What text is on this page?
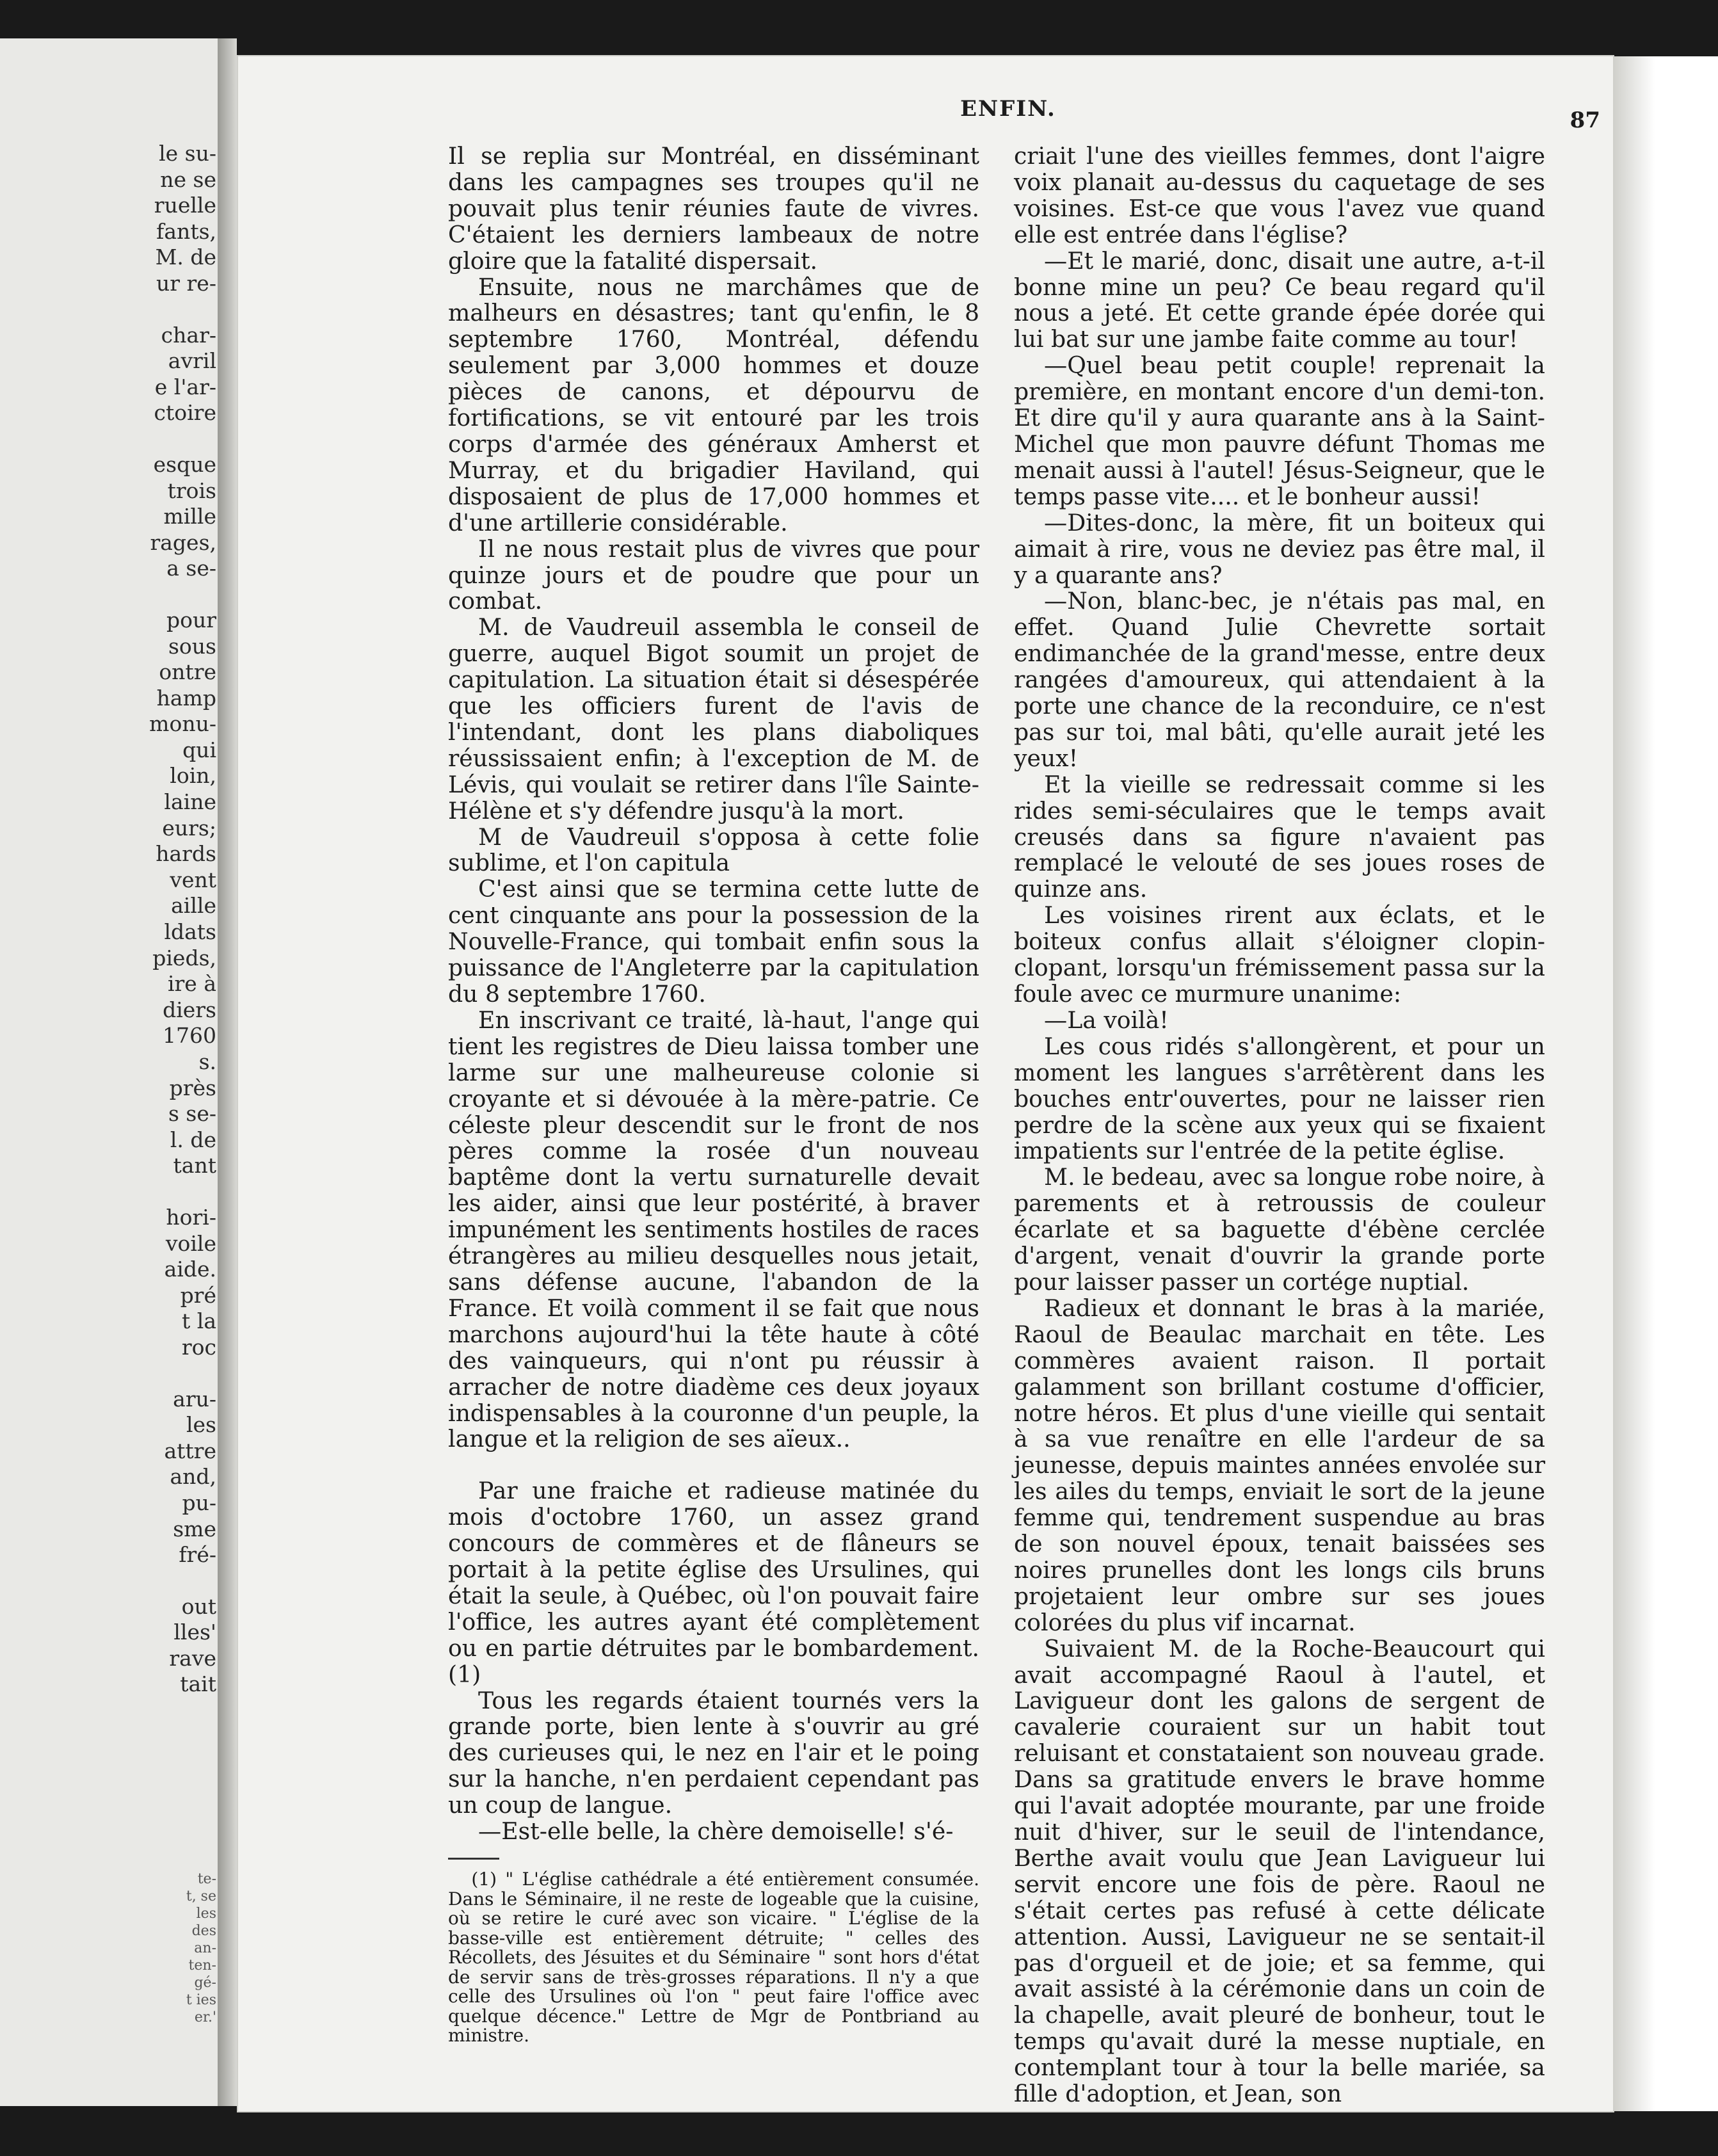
le su-
ne se
ruelle
fants,
M. de
ur re-
char-
avril
e l'ar-
ctoire
esque
trois
mille
rages,
a se-
pour
sous
ontre
hamp
monu-
qui
loin,
laine
eurs;
hards
vent
aille
ldats
pieds,
ire à
diers
1760
s.
près
s se-
l. de
tant
hori-
voile
aide.
pré
t la
roc
aru-
les
attre
and,
pu-
sme
fré-
out
lles'
rave
tait
te-
t, se
les
des
an-
ten-
gé-
t ies
er.'
ENFIN.	87

Il se replia sur Montréal, en disséminant dans les campagnes ses troupes qu'il ne pouvait plus tenir réunies faute de vivres. C'étaient les derniers lambeaux de notre gloire que la fatalité dispersait.

Ensuite, nous ne marchâmes que de malheurs en désastres; tant qu'enfin, le 8 septembre 1760, Montréal, défendu seulement par 3,000 hommes et douze pièces de canons, et dépourvu de fortifications, se vit entouré par les trois corps d'armée des généraux Amherst et Murray, et du brigadier Haviland, qui disposaient de plus de 17,000 hommes et d'une artillerie considérable.

Il ne nous restait plus de vivres que pour quinze jours et de poudre que pour un combat.

M. de Vaudreuil assembla le conseil de guerre, auquel Bigot soumit un projet de capitulation. La situation était si désespérée que les officiers furent de l'avis de l'intendant, dont les plans diaboliques réussissaient enfin; à l'exception de M. de Lévis, qui voulait se retirer dans l'île Sainte-Hélène et s'y défendre jusqu'à la mort.

M de Vaudreuil s'opposa à cette folie sublime, et l'on capitula

C'est ainsi que se termina cette lutte de cent cinquante ans pour la possession de la Nouvelle-France, qui tombait enfin sous la puissance de l'Angleterre par la capitulation du 8 septembre 1760.

En inscrivant ce traité, là-haut, l'ange qui tient les registres de Dieu laissa tomber une larme sur une malheureuse colonie si croyante et si dévouée à la mère-patrie. Ce céleste pleur descendit sur le front de nos pères comme la rosée d'un nouveau baptême dont la vertu surnaturelle devait les aider, ainsi que leur postérité, à braver impunément les sentiments hostiles de races étrangères au milieu desquelles nous jetait, sans défense aucune, l'abandon de la France. Et voilà comment il se fait que nous marchons aujourd'hui la tête haute à côté des vainqueurs, qui n'ont pu réussir à arracher de notre diadème ces deux joyaux indispensables à la couronne d'un peuple, la langue et la religion de ses aïeux..

Par une fraiche et radieuse matinée du mois d'octobre 1760, un assez grand concours de commères et de flâneurs se portait à la petite église des Ursulines, qui était la seule, à Québec, où l'on pouvait faire l'office, les autres ayant été complètement ou en partie détruites par le bombardement. (1)

Tous les regards étaient tournés vers la grande porte, bien lente à s'ouvrir au gré des curieuses qui, le nez en l'air et le poing sur la hanche, n'en perdaient cependant pas un coup de langue.

—Est-elle belle, la chère demoiselle! s'é-

(1) " L'église cathédrale a été entièrement consumée. Dans le Séminaire, il ne reste de logeable que la cuisine, où se retire le curé avec son vicaire. " L'église de la basse-ville est entièrement détruite; " celles des Récollets, des Jésuites et du Séminaire " sont hors d'état de servir sans de très-grosses réparations. Il n'y a que celle des Ursulines où l'on " peut faire l'office avec quelque décence." Lettre de Mgr de Pontbriand au ministre.

criait l'une des vieilles femmes, dont l'aigre voix planait au-dessus du caquetage de ses voisines. Est-ce que vous l'avez vue quand elle est entrée dans l'église?

—Et le marié, donc, disait une autre, a-t-il bonne mine un peu? Ce beau regard qu'il nous a jeté. Et cette grande épée dorée qui lui bat sur une jambe faite comme au tour!

—Quel beau petit couple! reprenait la première, en montant encore d'un demi-ton. Et dire qu'il y aura quarante ans à la Saint-Michel que mon pauvre défunt Thomas me menait aussi à l'autel! Jésus-Seigneur, que le temps passe vite.... et le bonheur aussi!

—Dites-donc, la mère, fit un boiteux qui aimait à rire, vous ne deviez pas être mal, il y a quarante ans?

—Non, blanc-bec, je n'étais pas mal, en effet. Quand Julie Chevrette sortait endimanchée de la grand'messe, entre deux rangées d'amoureux, qui attendaient à la porte une chance de la reconduire, ce n'est pas sur toi, mal bâti, qu'elle aurait jeté les yeux!

Et la vieille se redressait comme si les rides semi-séculaires que le temps avait creusés dans sa figure n'avaient pas remplacé le velouté de ses joues roses de quinze ans.

Les voisines rirent aux éclats, et le boiteux confus allait s'éloigner clopin-clopant, lorsqu'un frémissement passa sur la foule avec ce murmure unanime:

—La voilà!

Les cous ridés s'allongèrent, et pour un moment les langues s'arrêtèrent dans les bouches entr'ouvertes, pour ne laisser rien perdre de la scène aux yeux qui se fixaient impatients sur l'entrée de la petite église.

M. le bedeau, avec sa longue robe noire, à parements et à retroussis de couleur écarlate et sa baguette d'ébène cerclée d'argent, venait d'ouvrir la grande porte pour laisser passer un cortége nuptial.

Radieux et donnant le bras à la mariée, Raoul de Beaulac marchait en tête. Les commères avaient raison. Il portait galamment son brillant costume d'officier, notre héros. Et plus d'une vieille qui sentait à sa vue renaître en elle l'ardeur de sa jeunesse, depuis maintes années envolée sur les ailes du temps, enviait le sort de la jeune femme qui, tendrement suspendue au bras de son nouvel époux, tenait baissées ses noires prunelles dont les longs cils bruns projetaient leur ombre sur ses joues colorées du plus vif incarnat.

Suivaient M. de la Roche-Beaucourt qui avait accompagné Raoul à l'autel, et Lavigueur dont les galons de sergent de cavalerie couraient sur un habit tout reluisant et constataient son nouveau grade. Dans sa gratitude envers le brave homme qui l'avait adoptée mourante, par une froide nuit d'hiver, sur le seuil de l'intendance, Berthe avait voulu que Jean Lavigueur lui servit encore une fois de père. Raoul ne s'était certes pas refusé à cette délicate attention. Aussi, Lavigueur ne se sentait-il pas d'orgueil et de joie; et sa femme, qui avait assisté à la cérémonie dans un coin de la chapelle, avait pleuré de bonheur, tout le temps qu'avait duré la messe nuptiale, en contemplant tour à tour la belle mariée, sa fille d'adoption, et Jean, son
